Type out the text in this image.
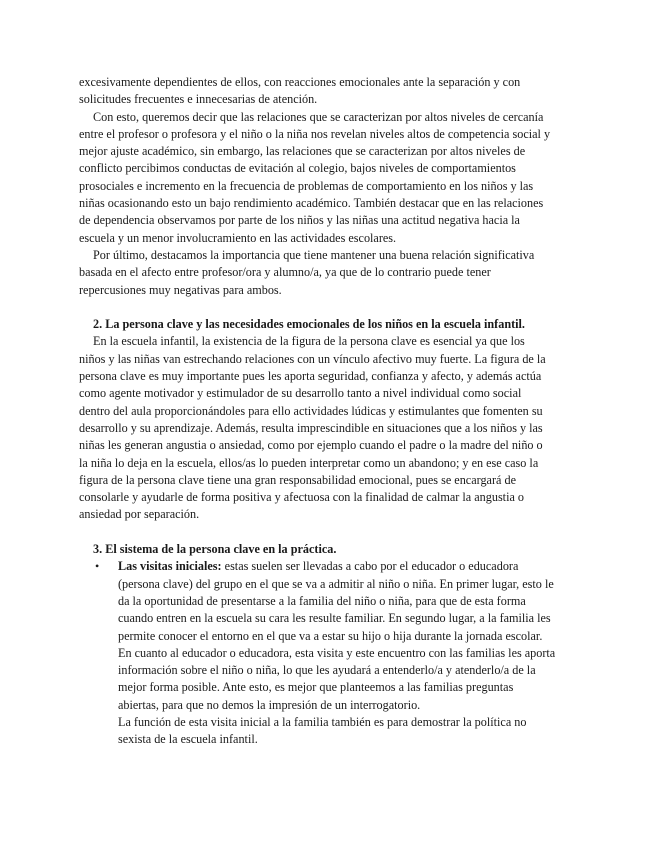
excesivamente dependientes de ellos, con reacciones emocionales ante la separación y con
solicitudes frecuentes e innecesarias de atención.
Con esto, queremos decir que las relaciones que se caracterizan por altos niveles de cercanía
entre el profesor o profesora y el niño o la niña nos revelan niveles altos de competencia social y
mejor ajuste académico, sin embargo, las relaciones que se caracterizan por altos niveles de
conflicto percibimos conductas de evitación al colegio, bajos niveles de comportamientos
prosociales e incremento en la frecuencia de problemas de comportamiento en los niños y las
niñas ocasionando esto un bajo rendimiento académico. También destacar que en las relaciones
de dependencia observamos por parte de los niños y las niñas una actitud negativa hacia la
escuela y un menor involucramiento en las actividades escolares.
Por último, destacamos la importancia que tiene mantener una buena relación significativa
basada en el afecto entre profesor/ora y alumno/a, ya que de lo contrario puede tener
repercusiones muy negativas para ambos.
2. La persona clave y las necesidades emocionales de los niños en la escuela infantil.
En la escuela infantil, la existencia de la figura de la persona clave es esencial ya que los
niños y las niñas van estrechando relaciones con un vínculo afectivo muy fuerte. La figura de la
persona clave es muy importante pues les aporta seguridad, confianza y afecto, y además actúa
como agente motivador y estimulador de su desarrollo tanto a nivel individual como social
dentro del aula proporcionándoles para ello actividades lúdicas y estimulantes que fomenten su
desarrollo y su aprendizaje. Además, resulta imprescindible en situaciones que a los niños y las
niñas les generan angustia o ansiedad, como por ejemplo cuando el padre o la madre del niño o
la niña lo deja en la escuela, ellos/as lo pueden interpretar como un abandono; y en ese caso la
figura de la persona clave tiene una gran responsabilidad emocional, pues se encargará de
consolarle y ayudarle de forma positiva y afectuosa con la finalidad de calmar la angustia o
ansiedad por separación.
3. El sistema de la persona clave en la práctica.
• Las visitas iniciales: estas suelen ser llevadas a cabo por el educador o educadora
(persona clave) del grupo en el que se va a admitir al niño o niña. En primer lugar, esto le
da la oportunidad de presentarse a la familia del niño o niña, para que de esta forma
cuando entren en la escuela su cara les resulte familiar. En segundo lugar, a la familia les
permite conocer el entorno en el que va a estar su hijo o hija durante la jornada escolar.
En cuanto al educador o educadora, esta visita y este encuentro con las familias les aporta
información sobre el niño o niña, lo que les ayudará a entenderlo/a y atenderlo/a de la
mejor forma posible. Ante esto, es mejor que planteemos a las familias preguntas
abiertas, para que no demos la impresión de un interrogatorio.
La función de esta visita inicial a la familia también es para demostrar la política no
sexista de la escuela infantil.
